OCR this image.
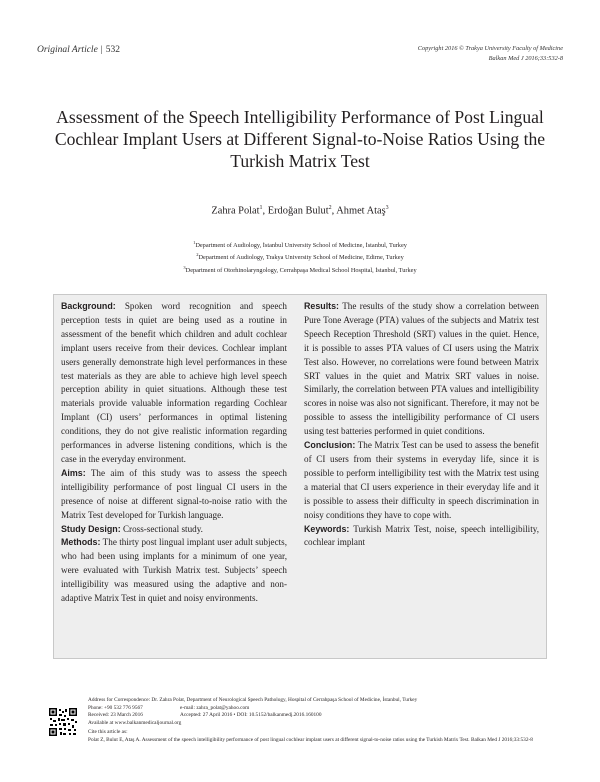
Original Article | 532	Copyright 2016 © Trakya University Faculty of Medicine
Balkan Med J 2016;33:532-8
Assessment of the Speech Intelligibility Performance of Post Lingual Cochlear Implant Users at Different Signal-to-Noise Ratios Using the Turkish Matrix Test
Zahra Polat$^1$, Erdoğan Bulut$^2$, Ahmet Ataş$^3$
$^1$Department of Audiology, İstanbul University School of Medicine, İstanbul, Turkey
$^2$Department of Audiology, Trakya University School of Medicine, Edirne, Turkey
$^3$Department of Otorhinolaryngology, Cerrahpaşa Medical School Hospital, İstanbul, Turkey

Background: Spoken word recognition and speech perception tests in quiet are being used as a routine in assessment of the benefit which children and adult cochlear implant users receive from their devices. Cochlear implant users generally demonstrate high level performances in these test materials as they are able to achieve high level speech perception ability in quiet situations. Although these test materials provide valuable information regarding Cochlear Implant (CI) users’ performances in optimal listening conditions, they do not give realistic information regarding performances in adverse listening conditions, which is the case in the everyday environment.

Aims: The aim of this study was to assess the speech intelligibility performance of post lingual CI users in the presence of noise at different signal-to-noise ratio with the Matrix Test developed for Turkish language.

Study Design: Cross-sectional study.

Methods: The thirty post lingual implant user adult subjects, who had been using implants for a minimum of one year, were evaluated with Turkish Matrix test. Subjects’ speech intelligibility was measured using the adaptive and non-adaptive Matrix Test in quiet and noisy environments.

Results: The results of the study show a correlation between Pure Tone Average (PTA) values of the subjects and Matrix test Speech Reception Threshold (SRT) values in the quiet. Hence, it is possible to asses PTA values of CI users using the Matrix Test also. However, no correlations were found between Matrix SRT values in the quiet and Matrix SRT values in noise. Similarly, the correlation between PTA values and intelligibility scores in noise was also not significant. Therefore, it may not be possible to assess the intelligibility performance of CI users using test batteries performed in quiet conditions.

Conclusion: The Matrix Test can be used to assess the benefit of CI users from their systems in everyday life, since it is possible to perform intelligibility test with the Matrix test using a material that CI users experience in their everyday life and it is possible to assess their difficulty in speech discrimination in noisy conditions they have to cope with.

Keywords: Turkish Matrix Test, noise, speech intelligibility, cochlear implant

Address for Correspondence: Dr. Zahra Polat, Department of Neurological Speech Pathology, Hospital of Cerrahpaşa School of Medicine, İstanbul, Turkey
Phone: +90 532 776 9567	e-mail: zahra_polat@yahoo.com
Received: 23 March 2016	Accepted: 27 April 2016 • DOI: 10.5152/balkanmedj.2016.160100
Available at www.balkanmedicaljournal.org
Cite this article as:
Polat Z, Bulut E, Ataş A. Assessment of the speech intelligibility performance of post lingual cochlear implant users at different signal-to-noise ratios using the Turkish Matrix Test. Balkan Med J 2016;33:532-8
